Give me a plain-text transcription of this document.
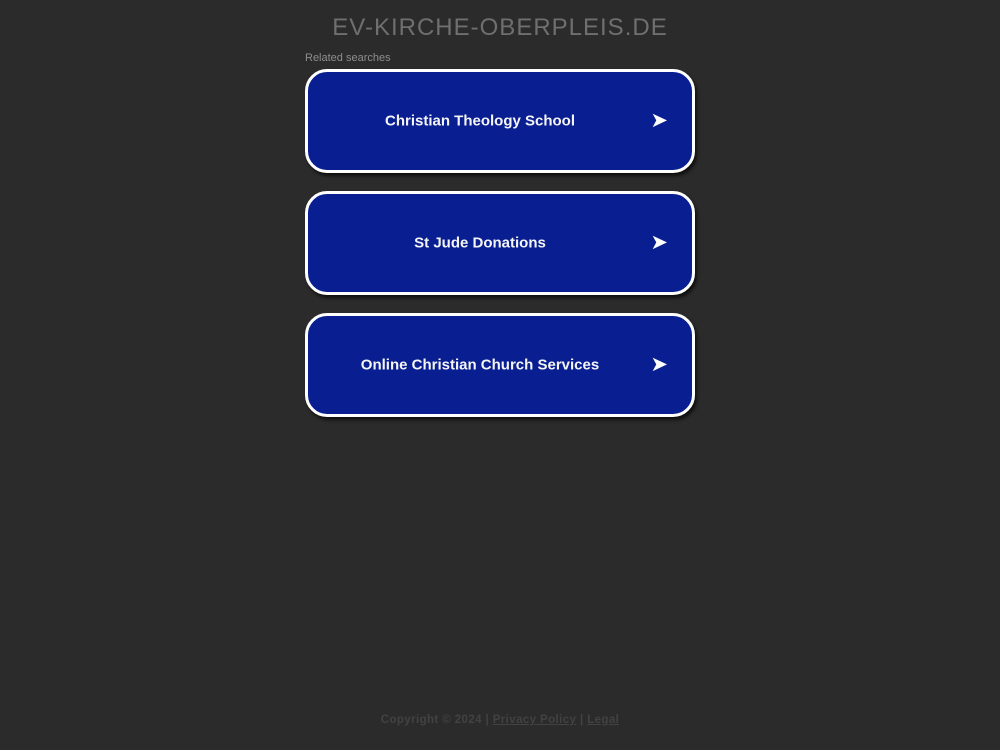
EV-KIRCHE-OBERPLEIS.DE
Related searches
Christian Theology School	➤
St Jude Donations	➤
Online Christian Church Services	➤
Copyright © 2024 | Privacy Policy | Legal
